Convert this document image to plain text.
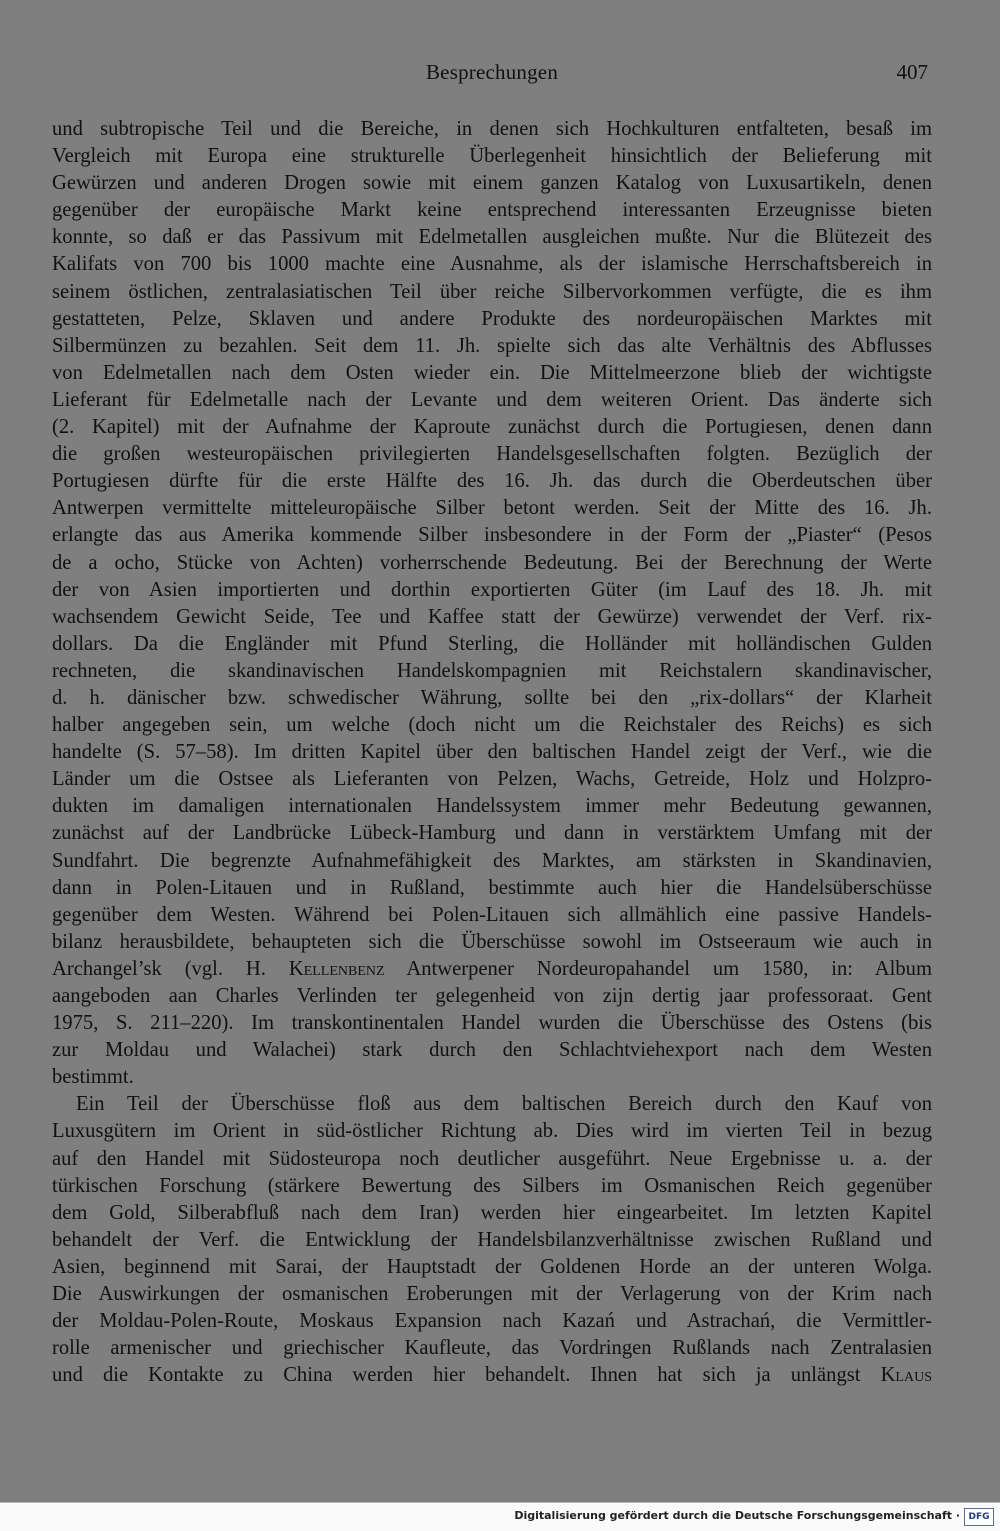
Besprechungen	407
und subtropische Teil und die Bereiche, in denen sich Hochkulturen entfalteten, besaß im
Vergleich mit Europa eine strukturelle Überlegenheit hinsichtlich der Belieferung mit
Gewürzen und anderen Drogen sowie mit einem ganzen Katalog von Luxusartikeln, denen
gegenüber der europäische Markt keine entsprechend interessanten Erzeugnisse bieten
konnte, so daß er das Passivum mit Edelmetallen ausgleichen mußte. Nur die Blütezeit des
Kalifats von 700 bis 1000 machte eine Ausnahme, als der islamische Herrschaftsbereich in
seinem östlichen, zentralasiatischen Teil über reiche Silbervorkommen verfügte, die es ihm
gestatteten, Pelze, Sklaven und andere Produkte des nordeuropäischen Marktes mit
Silbermünzen zu bezahlen. Seit dem 11. Jh. spielte sich das alte Verhältnis des Abflusses
von Edelmetallen nach dem Osten wieder ein. Die Mittelmeerzone blieb der wichtigste
Lieferant für Edelmetalle nach der Levante und dem weiteren Orient. Das änderte sich
(2. Kapitel) mit der Aufnahme der Kaproute zunächst durch die Portugiesen, denen dann
die großen westeuropäischen privilegierten Handelsgesellschaften folgten. Bezüglich der
Portugiesen dürfte für die erste Hälfte des 16. Jh. das durch die Oberdeutschen über
Antwerpen vermittelte mitteleuropäische Silber betont werden. Seit der Mitte des 16. Jh.
erlangte das aus Amerika kommende Silber insbesondere in der Form der „Piaster“ (Pesos
de a ocho, Stücke von Achten) vorherrschende Bedeutung. Bei der Berechnung der Werte
der von Asien importierten und dorthin exportierten Güter (im Lauf des 18. Jh. mit
wachsendem Gewicht Seide, Tee und Kaffee statt der Gewürze) verwendet der Verf. rix-
dollars. Da die Engländer mit Pfund Sterling, die Holländer mit holländischen Gulden
rechneten, die skandinavischen Handelskompagnien mit Reichstalern skandinavischer,
d. h. dänischer bzw. schwedischer Währung, sollte bei den „rix-dollars“ der Klarheit
halber angegeben sein, um welche (doch nicht um die Reichstaler des Reichs) es sich
handelte (S. 57–58). Im dritten Kapitel über den baltischen Handel zeigt der Verf., wie die
Länder um die Ostsee als Lieferanten von Pelzen, Wachs, Getreide, Holz und Holzpro-
dukten im damaligen internationalen Handelssystem immer mehr Bedeutung gewannen,
zunächst auf der Landbrücke Lübeck-Hamburg und dann in verstärktem Umfang mit der
Sundfahrt. Die begrenzte Aufnahmefähigkeit des Marktes, am stärksten in Skandinavien,
dann in Polen-Litauen und in Rußland, bestimmte auch hier die Handelsüberschüsse
gegenüber dem Westen. Während bei Polen-Litauen sich allmählich eine passive Handels-
bilanz herausbildete, behaupteten sich die Überschüsse sowohl im Ostseeraum wie auch in
Archangel’sk (vgl. H. Kellenbenz Antwerpener Nordeuropahandel um 1580, in: Album
aangeboden aan Charles Verlinden ter gelegenheid von zijn dertig jaar professoraat. Gent
1975, S. 211–220). Im transkontinentalen Handel wurden die Überschüsse des Ostens (bis
zur Moldau und Walachei) stark durch den Schlachtviehexport nach dem Westen
bestimmt.
Ein Teil der Überschüsse floß aus dem baltischen Bereich durch den Kauf von
Luxusgütern im Orient in süd-östlicher Richtung ab. Dies wird im vierten Teil in bezug
auf den Handel mit Südosteuropa noch deutlicher ausgeführt. Neue Ergebnisse u. a. der
türkischen Forschung (stärkere Bewertung des Silbers im Osmanischen Reich gegenüber
dem Gold, Silberabfluß nach dem Iran) werden hier eingearbeitet. Im letzten Kapitel
behandelt der Verf. die Entwicklung der Handelsbilanzverhältnisse zwischen Rußland und
Asien, beginnend mit Sarai, der Hauptstadt der Goldenen Horde an der unteren Wolga.
Die Auswirkungen der osmanischen Eroberungen mit der Verlagerung von der Krim nach
der Moldau-Polen-Route, Moskaus Expansion nach Kazań und Astrachań, die Vermittler-
rolle armenischer und griechischer Kaufleute, das Vordringen Rußlands nach Zentralasien
und die Kontakte zu China werden hier behandelt. Ihnen hat sich ja unlängst Klaus
Digitalisierung gefördert durch die Deutsche Forschungsgemeinschaft · DFG
